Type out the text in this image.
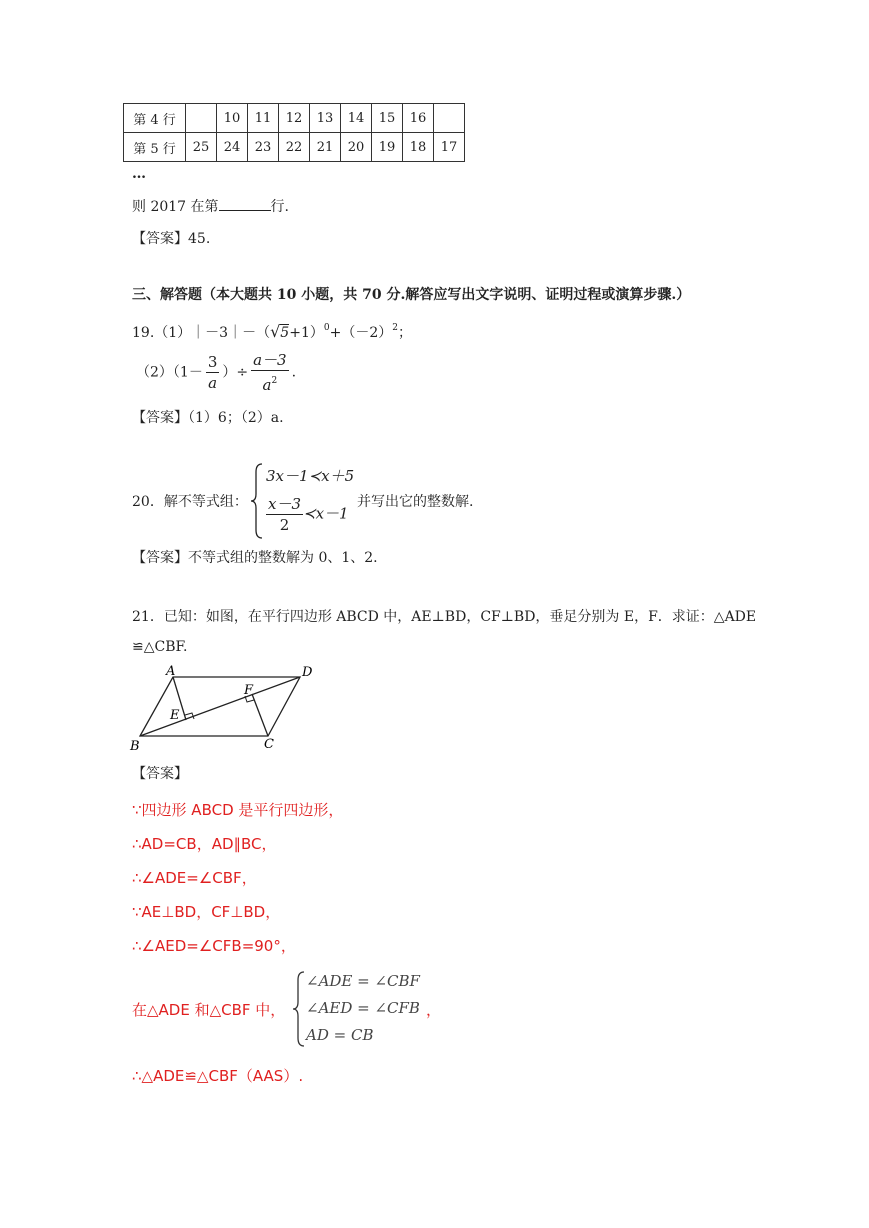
第 4 行		10	11	12	13	14	15	16	
第 5 行	25	24	23	22	21	20	19	18	17
…
则 2017 在第	行.
【答案】45.
三、解答题（本大题共 10 小题，共 70 分.解答应写出文字说明、证明过程或演算步骤.）
$19.(1)|-3|-(√5+1)^0+(-2)^2$；
$(2)(1- \frac{3}{a}$ ）÷ $\frac{a-3}{a^2}$ .
【答案】（1）6；（2）a.
20．解不等式组：
3x－1≺x＋5
$\frac{x-3}{2}$ ≺x－1
并写出它的整数解.
【答案】不等式组的整数解为 0、1、2.
21．已知：如图，在平行四边形 ABCD 中，AE⊥BD，CF⊥BD，垂足分别为 E，F．求证：△ADE
≌△CBF.
A	D
B	C
E
F
【答案】
∵四边形 ABCD 是平行四边形，
∴AD=CB，AD∥BC，
∴∠ADE=∠CBF，
∵AE⊥BD，CF⊥BD，
∴∠AED=∠CFB=90°，
在△ADE 和△CBF 中，
∠ADE = ∠CBF
∠AED = ∠CFB
AD = CB
，
∴△ADE≌△CBF（AAS）.
